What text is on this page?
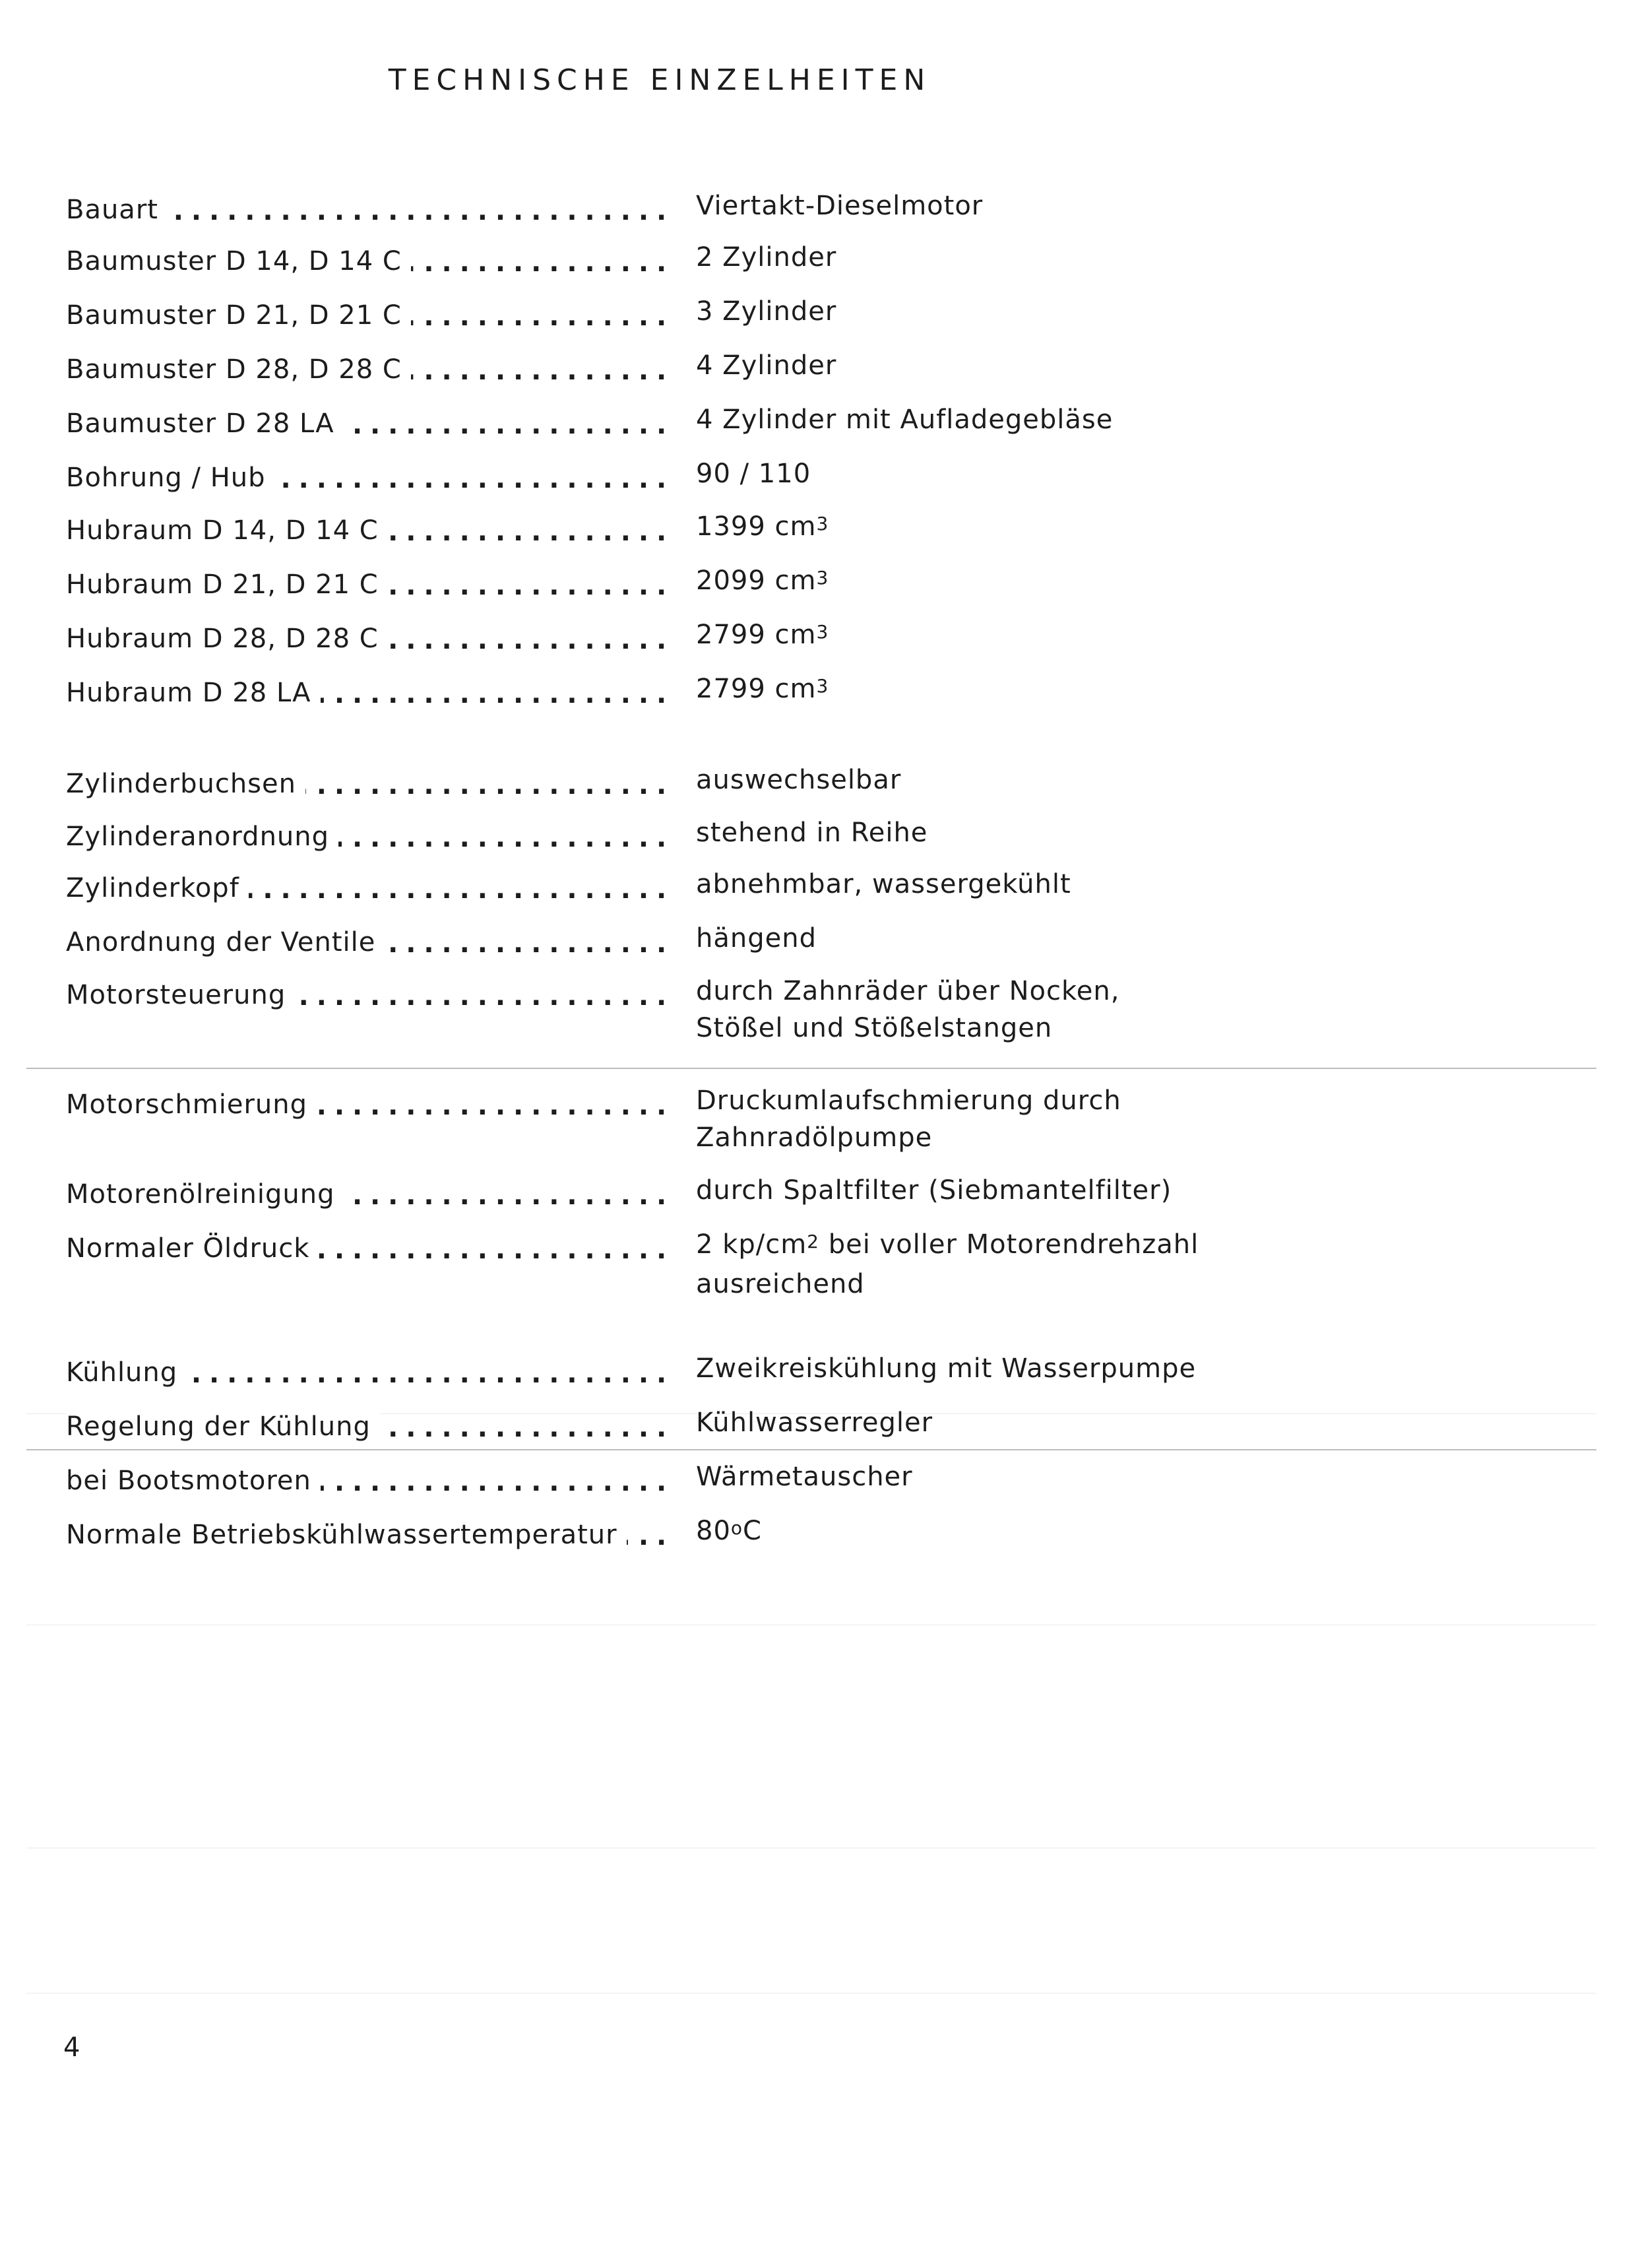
TECHNISCHE EINZELHEITEN
Bauart . . .	Viertakt-Dieselmotor
Baumuster D 14, D 14 C . . .	2 Zylinder
Baumuster D 21, D 21 C . . .	3 Zylinder
Baumuster D 28, D 28 C . . .	4 Zylinder
Baumuster D 28 LA . . .	4 Zylinder mit Aufladegebläse
Bohrung / Hub . . .	90 / 110
Hubraum D 14, D 14 C . . .	1399 $cm^3$
Hubraum D 21, D 21 C . . .	2099 $cm^3$
Hubraum D 28, D 28 C . . .	2799 $cm^3$
Hubraum D 28 LA . . .	2799 $cm^3$
Zylinderbuchsen . . .	auswechselbar
Zylinderanordnung . . .	stehend in Reihe
Zylinderkopf . . .	abnehmbar, wassergekühlt
Anordnung der Ventile . . .	hängend
Motorsteuerung . . .	durch Zahnräder über Nocken,
Stößel und Stößelstangen
Motorschmierung . . .	Druckumlaufschmierung durch
Zahnradölpumpe
Motorenölreinigung . . .	durch Spaltfilter (Siebmantelfilter)
Normaler Öldruck . . .	2 $kp/cm^2$ bei voller Motorendrehzahl
ausreichend
Kühlung . . .	Zweikreiskühlung mit Wasserpumpe
Regelung der Kühlung . . .	Kühlwasserregler
bei Bootsmotoren . . .	Wärmetauscher
Normale Betriebskühlwassertemperatur . . .	80$^o$C
4
